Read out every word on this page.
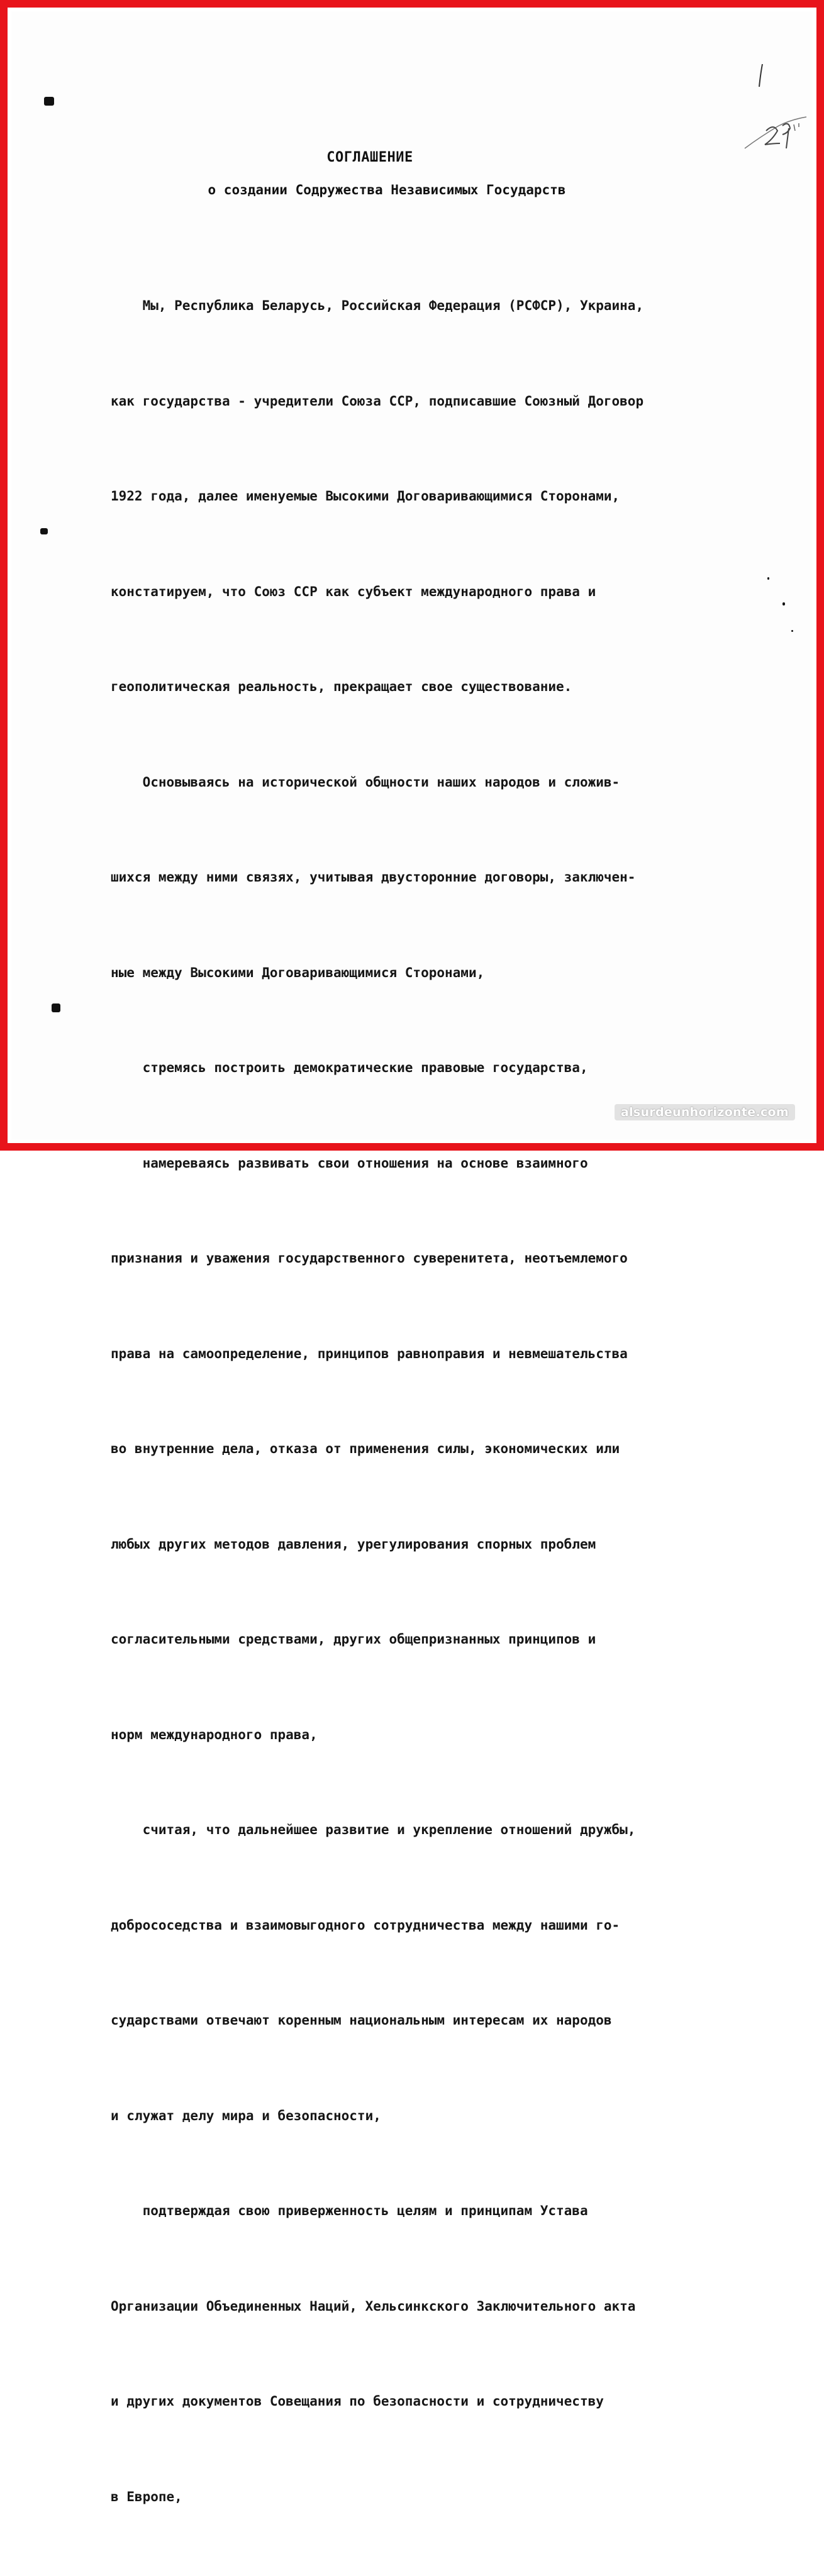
СОГЛАШЕНИЕ
о создании Содружества Независимых Государств

Мы, Республика Беларусь, Российская Федерация (РСФСР), Украина,

как государства - учредители Союза ССР, подписавшие Союзный Договор

1922 года, далее именуемые Высокими Договаривающимися Сторонами,

констатируем, что Союз ССР как субъект международного права и

геополитическая реальность, прекращает свое существование.

Основываясь на исторической общности наших народов и сложив-

шихся между ними связях, учитывая двусторонние договоры, заключен-

ные между Высокими Договаривающимися Сторонами,

стремясь построить демократические правовые государства,

намереваясь развивать свои отношения на основе взаимного

признания и уважения государственного суверенитета, неотъемлемого

права на самоопределение, принципов равноправия и невмешательства

во внутренние дела, отказа от применения силы, экономических или

любых других методов давления, урегулирования спорных проблем

согласительными средствами, других общепризнанных принципов и

норм международного права,

считая, что дальнейшее развитие и укрепление отношений дружбы,

добрососедства и взаимовыгодного сотрудничества между нашими го-

сударствами отвечают коренным национальным интересам их народов

и служат делу мира и безопасности,

подтверждая свою приверженность целям и принципам Устава

Организации Объединенных Наций, Хельсинкского Заключительного акта

и других документов Совещания по безопасности и сотрудничеству

в Европе,

alsurdeunhorizonte.com
